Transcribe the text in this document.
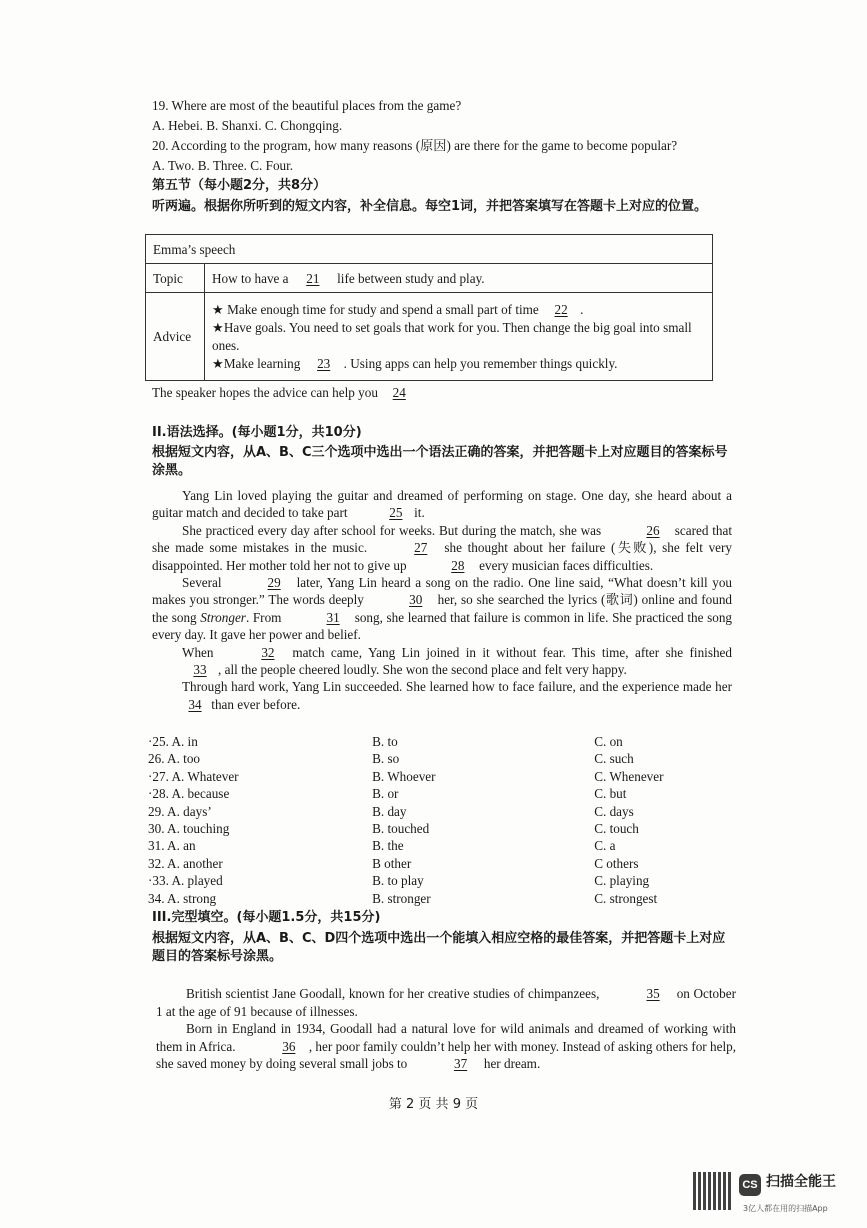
19. Where are most of the beautiful places from the game?
A. Hebei. B. Shanxi. C. Chongqing.
20. According to the program, how many reasons (原因) are there for the game to become popular?
A. Two. B. Three. C. Four.
第五节（每小题2分，共8分）
听两遍。根据你所听到的短文内容，补全信息。每空1词，并把答案填写在答题卡上对应的位置。
Emma’s speech	
Topic	How to have a 21 life between study and play.
Advice	★ Make enough time for study and spend a small part of time 22 .
★Have goals. You need to set goals that work for you. Then change the big goal into small ones.
★Make learning 23 . Using apps can help you remember things quickly.
The speaker hopes the advice can help you 24
II.语法选择。(每小题1分，共10分)
根据短文内容，从A、B、C三个选项中选出一个语法正确的答案，并把答题卡上对应题目的答案标号涂黑。

Yang Lin loved playing the guitar and dreamed of performing on stage. One day, she heard about a guitar match and decided to take part	25 it.

She practiced every day after school for weeks. But during the match, she was	26 scared that she made some mistakes in the music.	27 she thought about her failure (失败), she felt very disappointed. Her mother told her not to give up	28 every musician faces difficulties.

Several	29 later, Yang Lin heard a song on the radio. One line said, “What doesn’t kill you makes you stronger.” The words deeply	30 her, so she searched the lyrics (歌词) online and found the song Stronger. From	31 song, she learned that failure is common in life. She practiced the song every day. It gave her power and belief.

When	32 match came, Yang Lin joined in it without fear. This time, after she finished 33 , all the people cheered loudly. She won the second place and felt very happy.

Through hard work, Yang Lin succeeded. She learned how to face failure, and the experience made her 34 than ever before.

·25. A. in	B. to	C. on
26. A. too	B. so	C. such
·27. A. Whatever	B. Whoever	C. Whenever
·28. A. because	B. or	C. but
29. A. days’	B. day	C. days
30. A. touching	B. touched	C. touch
31. A. an	B. the	C. a
32. A. another	B other	C others
·33. A. played	B. to play	C. playing
34. A. strong	B. stronger	C. strongest
III.完型填空。(每小题1.5分，共15分)
根据短文内容，从A、B、C、D四个选项中选出一个能填入相应空格的最佳答案，并把答题卡上对应题目的答案标号涂黑。

British scientist Jane Goodall, known for her creative studies of chimpanzees,	35 on October 1 at the age of 91 because of illnesses.

Born in England in 1934, Goodall had a natural love for wild animals and dreamed of working with them in Africa.	36 , her poor family couldn’t help her with money. Instead of asking others for help, she saved money by doing several small jobs to	37 her dream.

第 2 页 共 9 页
CS 扫描全能王
3亿人都在用的扫描App
